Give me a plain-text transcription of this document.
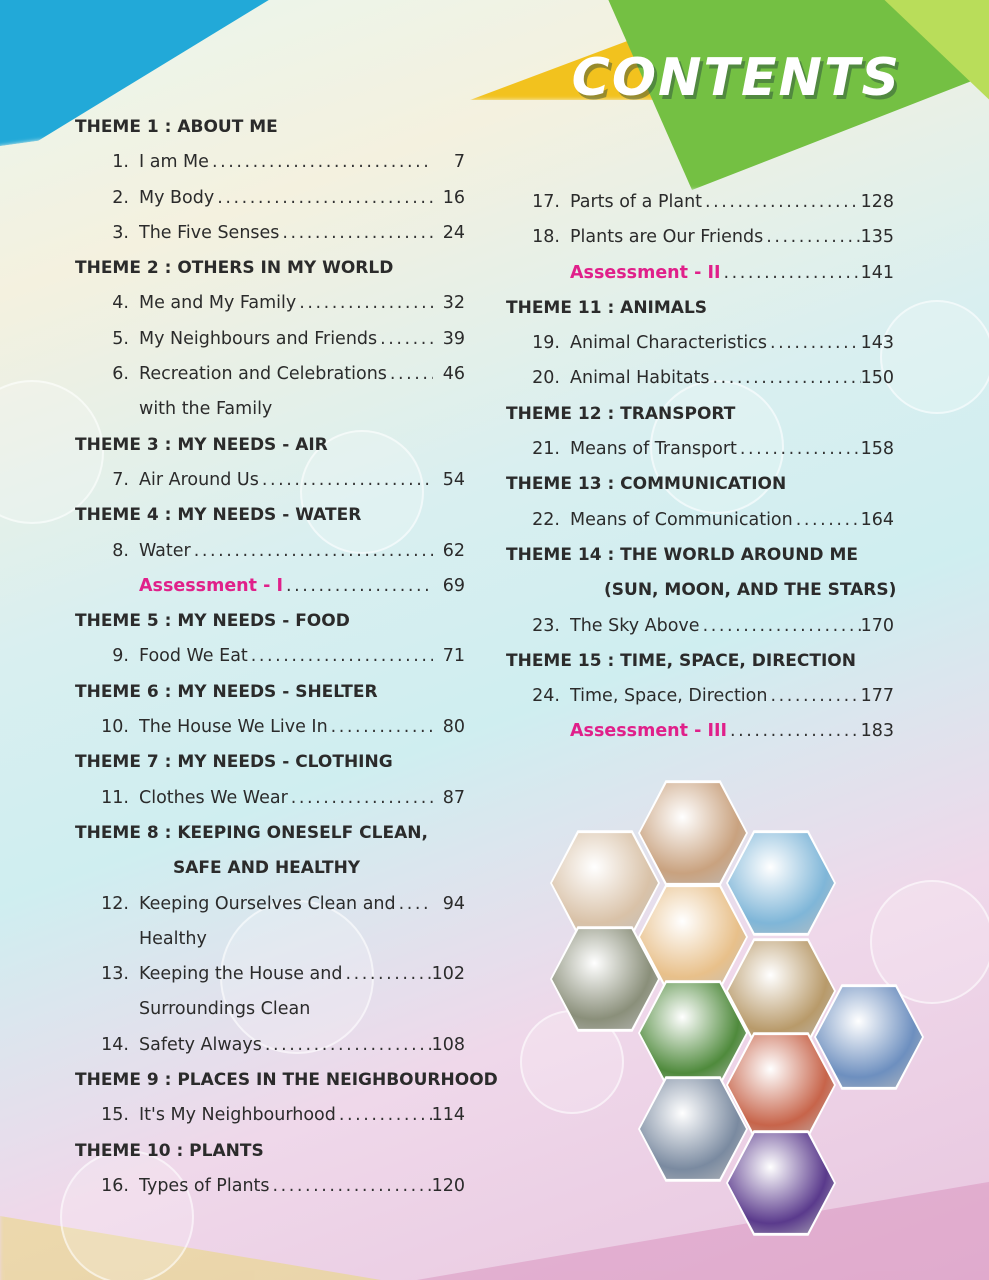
CONTENTS
THEME 1 : ABOUT ME
1. I am Me . . .	7
2. My Body . . .	16
3. The Five Senses . . .	24
THEME 2 : OTHERS IN MY WORLD
4. Me and My Family . . .	32
5. My Neighbours and Friends . . .	39
6. Recreation and Celebrations . . .	46
with the Family
THEME 3 : MY NEEDS - AIR
7. Air Around Us . . .	54
THEME 4 : MY NEEDS - WATER
8. Water . . .	62
Assessment - I . . .	69
THEME 5 : MY NEEDS - FOOD
9. Food We Eat . . .	71
THEME 6 : MY NEEDS - SHELTER
10. The House We Live In . . .	80
THEME 7 : MY NEEDS - CLOTHING
11. Clothes We Wear . . .	87
THEME 8 : KEEPING ONESELF CLEAN,
SAFE AND HEALTHY
12. Keeping Ourselves Clean and . . .	94
Healthy
13. Keeping the House and . . .	102
Surroundings Clean
14. Safety Always . . .	108
THEME 9 : PLACES IN THE NEIGHBOURHOOD
15. It's My Neighbourhood . . .	114
THEME 10 : PLANTS
16. Types of Plants . . .	120
17. Parts of a Plant . . .	128
18. Plants are Our Friends . . .	135
Assessment - II . . .	141
THEME 11 : ANIMALS
19. Animal Characteristics . . .	143
20. Animal Habitats . . .	150
THEME 12 : TRANSPORT
21. Means of Transport . . .	158
THEME 13 : COMMUNICATION
22. Means of Communication . . .	164
THEME 14 : THE WORLD AROUND ME
(SUN, MOON, AND THE STARS)
23. The Sky Above . . .	170
THEME 15 : TIME, SPACE, DIRECTION
24. Time, Space, Direction . . .	177
Assessment - III . . .	183
